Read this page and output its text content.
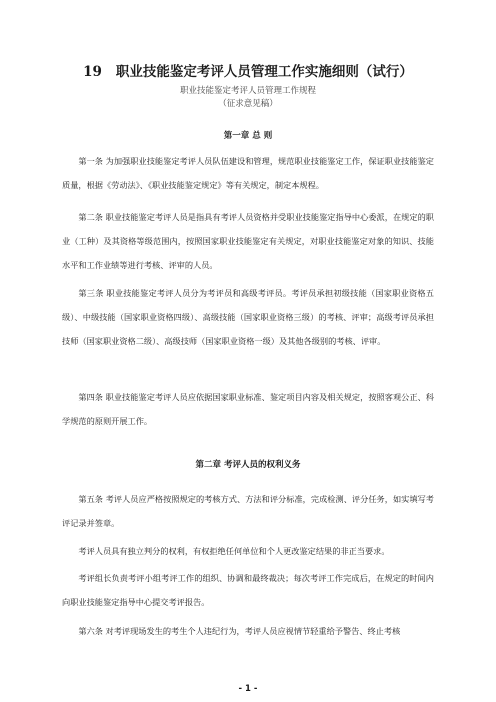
19 职业技能鉴定考评人员管理工作实施细则（试行）
职业技能鉴定考评人员管理工作规程
（征求意见稿）
第一章 总 则

第一条 为加强职业技能鉴定考评人员队伍建设和管理，规范职业技能鉴定工作，保证职业技能鉴定质量，根据《劳动法》、《职业技能鉴定规定》等有关规定，制定本规程。

第二条 职业技能鉴定考评人员是指具有考评人员资格并受职业技能鉴定指导中心委派，在规定的职业（工种）及其资格等级范围内，按照国家职业技能鉴定有关规定，对职业技能鉴定对象的知识、技能水平和工作业绩等进行考核、评审的人员。

第三条 职业技能鉴定考评人员分为考评员和高级考评员。考评员承担初级技能（国家职业资格五级）、中级技能（国家职业资格四级）、高级技能（国家职业资格三级）的考核、评审；高级考评员承担技师（国家职业资格二级）、高级技师（国家职业资格一级）及其他各级别的考核、评审。

第四条 职业技能鉴定考评人员应依据国家职业标准、鉴定项目内容及相关规定，按照客观公正、科学规范的原则开展工作。

第二章 考评人员的权利义务

第五条 考评人员应严格按照规定的考核方式、方法和评分标准，完成检测、评分任务，如实填写考评记录并签章。

考评人员具有独立判分的权利，有权拒绝任何单位和个人更改鉴定结果的非正当要求。

考评组长负责考评小组考评工作的组织、协调和最终裁决；每次考评工作完成后，在规定的时间内向职业技能鉴定指导中心提交考评报告。

第六条 对考评现场发生的考生个人违纪行为，考评人员应视情节轻重给予警告、终止考核

- 1 -
